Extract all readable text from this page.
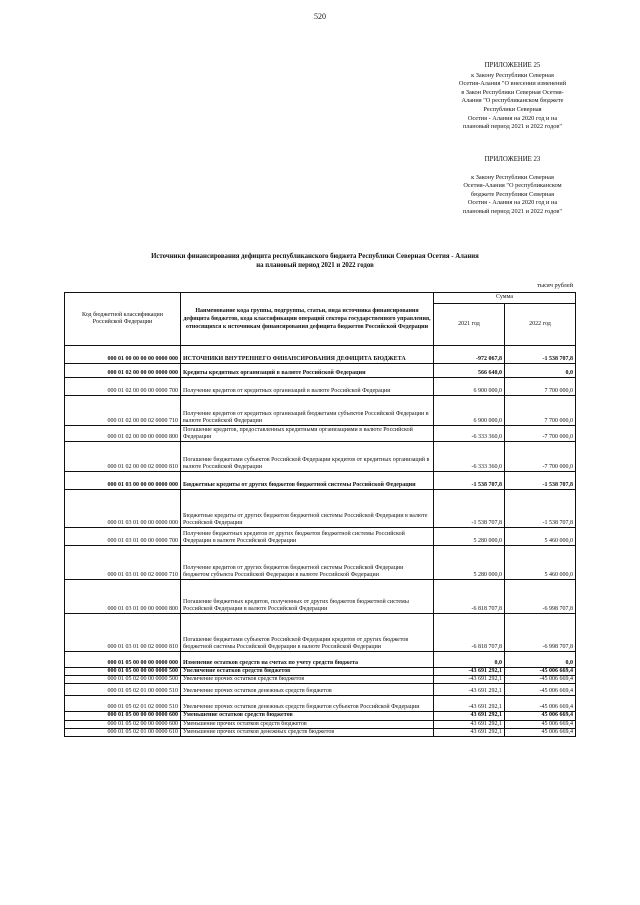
520
ПРИЛОЖЕНИЕ 25
к Закону Республики Северная
Осетия-Алания "О внесении изменений
в Закон Республики Северная Осетия-
Алания "О республиканском бюджете
Республики Северная
Осетия - Алания на 2020 год и на
плановый период 2021 и 2022 годов"
ПРИЛОЖЕНИЕ 23
к Закону Республики Северная
Осетия-Алания "О республиканском
бюджете Республики Северная
Осетия - Алания на 2020 год и на
плановый период 2021 и 2022 годов"
Источники финансирования дефицита республиканского бюджета Республики Северная Осетия - Алания
на плановый период 2021 и 2022 годов
тысяч рублей
Код бюджетной классификации Российской Федерации	Наименование кода группы, подгруппы, статьи, вида источника финансирования дефицита бюджетов, кода классификации операций сектора государственного управления, относящихся к источникам финансирования дефицита бюджетов Российской Федерации	Сумма	
		2021 год	2022 год
000 01 00 00 00 00 0000 000	ИСТОЧНИКИ ВНУТРЕННЕГО ФИНАНСИРОВАНИЯ ДЕФИЦИТА БЮДЖЕТА	-972 067,8	-1 538 707,8
000 01 02 00 00 00 0000 000	Кредиты кредитных организаций в валюте Российской Федерации	566 640,0	0,0
000 01 02 00 00 00 0000 700	Получение кредитов от кредитных организаций в валюте Российской Федерации	6 900 000,0	7 700 000,0
000 01 02 00 00 02 0000 710	Получение кредитов от кредитных организаций бюджетами субъектов Российской Федерации в валюте Российской Федерации	6 900 000,0	7 700 000,0
000 01 02 00 00 00 0000 800	Погашение кредитов, предоставленных кредитными организациями в валюте Российской Федерации	-6 333 360,0	-7 700 000,0
000 01 02 00 00 02 0000 810	Погашение бюджетами субъектов Российской Федерации кредитов от кредитных организаций в валюте Российской Федерации	-6 333 360,0	-7 700 000,0
000 01 03 00 00 00 0000 000	Бюджетные кредиты от других бюджетов бюджетной системы Российской Федерации	-1 538 707,8	-1 538 707,8
000 01 03 01 00 00 0000 000	Бюджетные кредиты от других бюджетов бюджетной системы Российской Федерации в валюте Российской Федерации	-1 538 707,8	-1 538 707,8
000 01 03 01 00 00 0000 700	Получение бюджетных кредитов от других бюджетов бюджетной системы Российской Федерации в валюте Российской Федерации	5 280 000,0	5 460 000,0
000 01 03 01 00 02 0000 710	Получение кредитов от других бюджетов бюджетной системы Российской Федерации бюджетом субъекта Российской Федерации в валюте Российской Федерации	5 280 000,0	5 460 000,0
000 01 03 01 00 00 0000 800	Погашение бюджетных кредитов, полученных от других бюджетов бюджетной системы Российской Федерации в валюте Российской Федерации	-6 818 707,8	-6 998 707,8
000 01 03 01 00 02 0000 810	Погашение бюджетами субъектов Российской Федерации кредитов от других бюджетов бюджетной системы Российской Федерации в валюте Российской Федерации	-6 818 707,8	-6 998 707,8
000 01 05 00 00 00 0000 000	Изменение остатков средств на счетах по учету средств бюджета	0,0	0,0
000 01 05 00 00 00 0000 500	Увеличение остатков средств бюджетов	-43 691 292,1	-45 006 669,4
000 01 05 02 00 00 0000 500	Увеличение прочих остатков средств бюджетов	-43 691 292,1	-45 006 669,4
000 01 05 02 01 00 0000 510	Увеличение прочих остатков денежных средств бюджетов	-43 691 292,1	-45 006 669,4
000 01 05 02 01 02 0000 510	Увеличение прочих остатков денежных средств бюджетов субъектов Российской Федерации	-43 691 292,1	-45 006 669,4
000 01 05 00 00 00 0000 600	Уменьшение остатков средств бюджетов	43 691 292,1	45 006 669,4
000 01 05 02 00 00 0000 600	Уменьшение прочих остатков средств бюджетов	43 691 292,1	45 006 669,4
000 01 05 02 01 00 0000 610	Уменьшение прочих остатков денежных средств бюджетов	43 691 292,1	45 006 669,4
